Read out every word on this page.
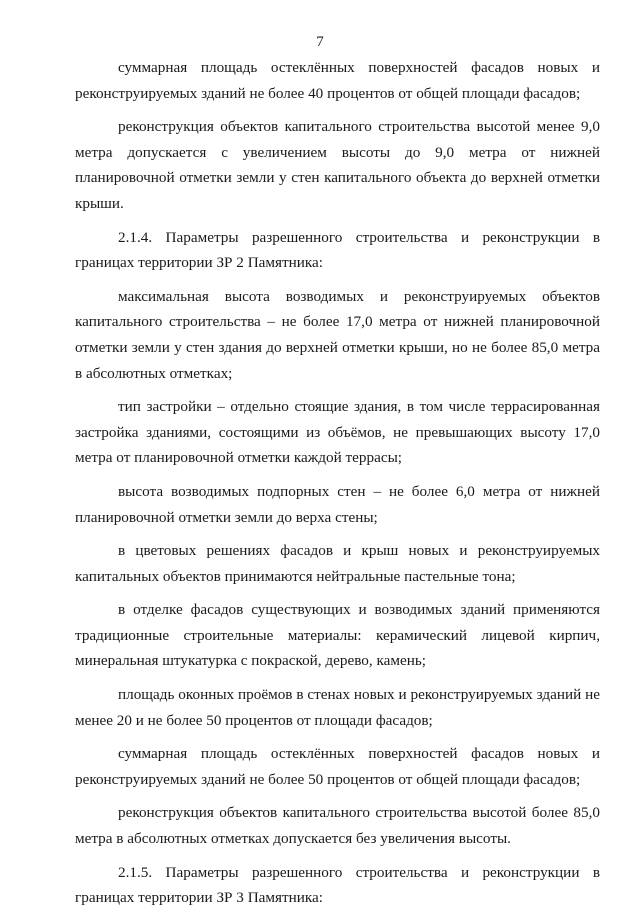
7

суммарная площадь остеклённых поверхностей фасадов новых и реконструируемых зданий не более 40 процентов от общей площади фасадов;

реконструкция объектов капитального строительства высотой менее 9,0 метра допускается с увеличением высоты до 9,0 метра от нижней планировочной отметки земли у стен капитального объекта до верхней отметки крыши.

2.1.4. Параметры разрешенного строительства и реконструкции в границах территории ЗР 2 Памятника:

максимальная высота возводимых и реконструируемых объектов капитального строительства – не более 17,0 метра от нижней планировочной отметки земли у стен здания до верхней отметки крыши, но не более 85,0 метра в абсолютных отметках;

тип застройки – отдельно стоящие здания, в том числе террасированная застройка зданиями, состоящими из объёмов, не превышающих высоту 17,0 метра от планировочной отметки каждой террасы;

высота возводимых подпорных стен – не более 6,0 метра от нижней планировочной отметки земли до верха стены;

в цветовых решениях фасадов и крыш новых и реконструируемых капитальных объектов принимаются нейтральные пастельные тона;

в отделке фасадов существующих и возводимых зданий применяются традиционные строительные материалы: керамический лицевой кирпич, минеральная штукатурка с покраской, дерево, камень;

площадь оконных проёмов в стенах новых и реконструируемых зданий не менее 20 и не более 50 процентов от площади фасадов;

суммарная площадь остеклённых поверхностей фасадов новых и реконструируемых зданий не более 50 процентов от общей площади фасадов;

реконструкция объектов капитального строительства высотой более 85,0 метра в абсолютных отметках допускается без увеличения высоты.

2.1.5. Параметры разрешенного строительства и реконструкции в границах территории ЗР 3 Памятника:
